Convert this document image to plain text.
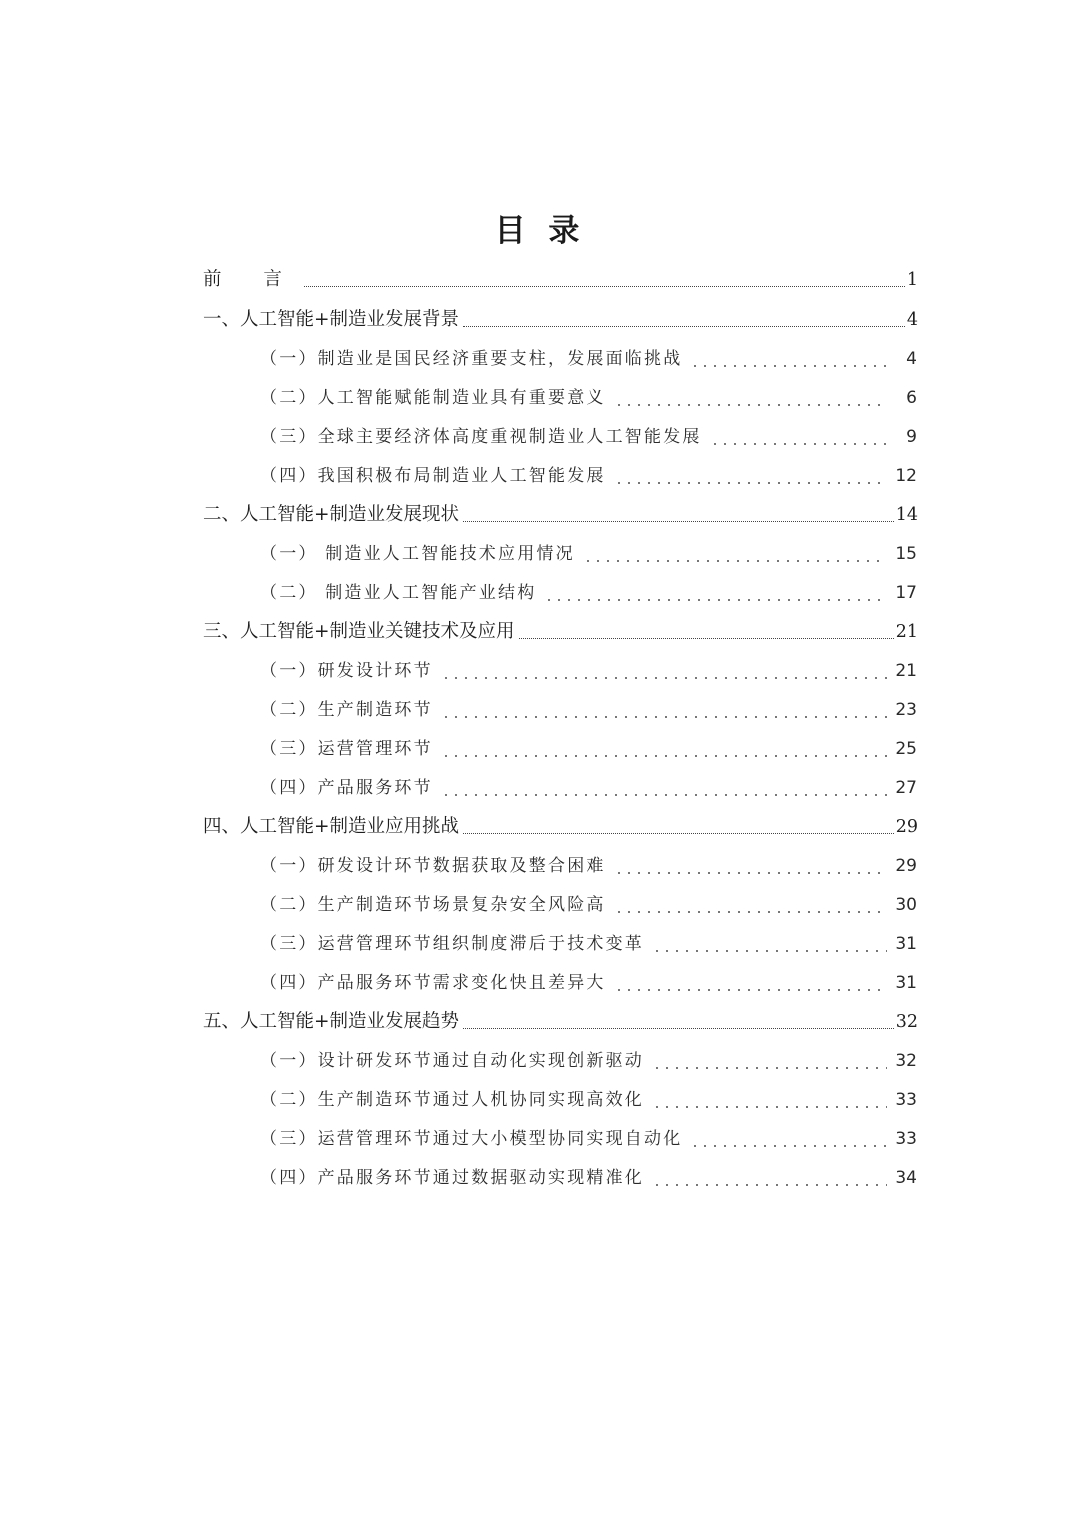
目 录
前 言	1
一、人工智能+制造业发展背景	4
（一）制造业是国民经济重要支柱，发展面临挑战	4
（二）人工智能赋能制造业具有重要意义	6
（三）全球主要经济体高度重视制造业人工智能发展	9
（四）我国积极布局制造业人工智能发展	12
二、人工智能+制造业发展现状	14
（一） 制造业人工智能技术应用情况	15
（二） 制造业人工智能产业结构	17
三、人工智能+制造业关键技术及应用	21
（一）研发设计环节	21
（二）生产制造环节	23
（三）运营管理环节	25
（四）产品服务环节	27
四、人工智能+制造业应用挑战	29
（一）研发设计环节数据获取及整合困难	29
（二）生产制造环节场景复杂安全风险高	30
（三）运营管理环节组织制度滞后于技术变革	31
（四）产品服务环节需求变化快且差异大	31
五、人工智能+制造业发展趋势	32
（一）设计研发环节通过自动化实现创新驱动	32
（二）生产制造环节通过人机协同实现高效化	33
（三）运营管理环节通过大小模型协同实现自动化	33
（四）产品服务环节通过数据驱动实现精准化	34
